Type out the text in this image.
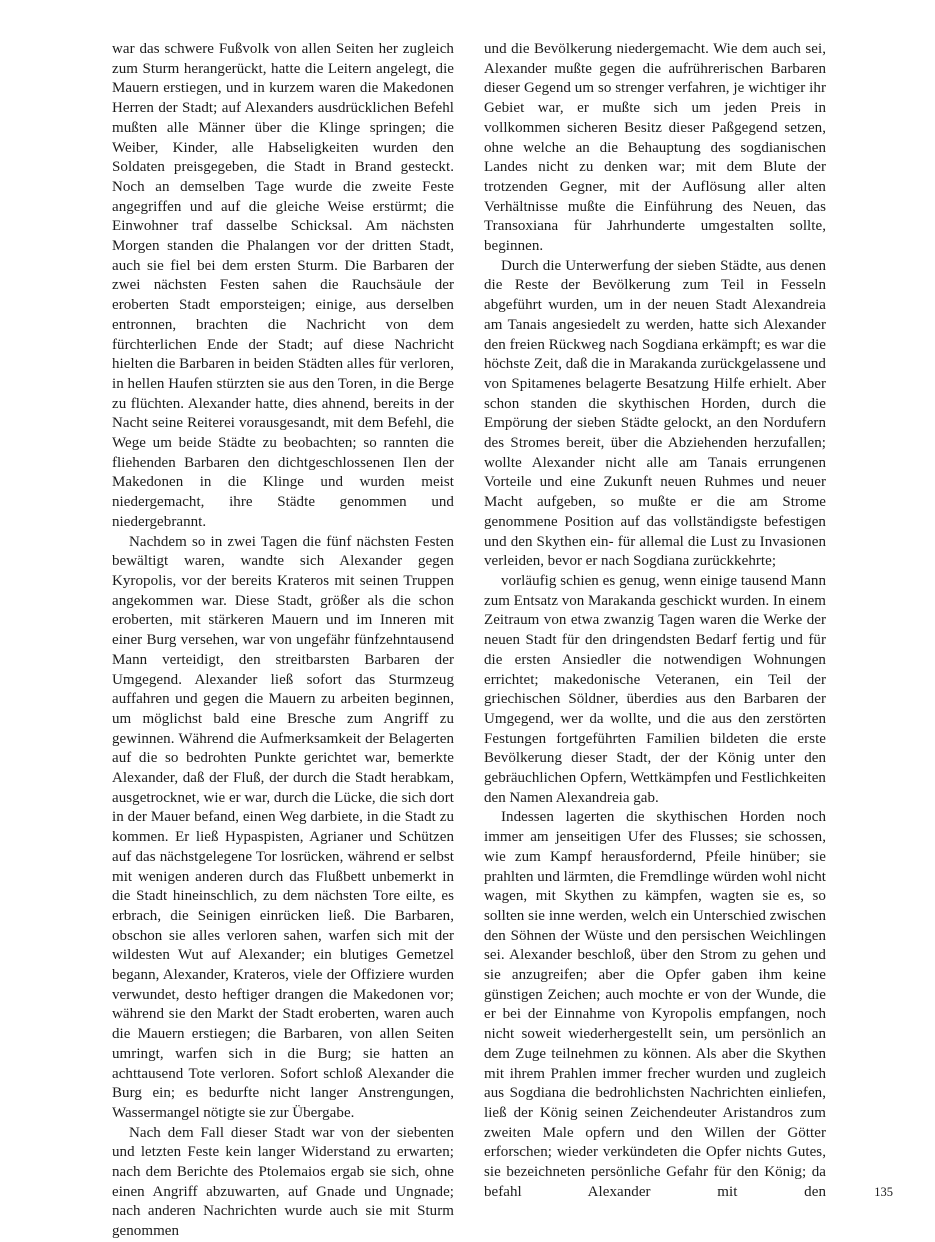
war das schwere Fußvolk von allen Seiten her zugleich zum Sturm herangerückt, hatte die Leitern angelegt, die Mauern erstiegen, und in kurzem waren die Makedonen Herren der Stadt; auf Alexanders ausdrücklichen Befehl mußten alle Männer über die Klinge springen; die Weiber, Kinder, alle Habseligkeiten wurden den Soldaten preisgegeben, die Stadt in Brand gesteckt. Noch an demselben Tage wurde die zweite Feste angegriffen und auf die gleiche Weise erstürmt; die Einwohner traf dasselbe Schicksal. Am nächsten Morgen standen die Phalangen vor der dritten Stadt, auch sie fiel bei dem ersten Sturm. Die Barbaren der zwei nächsten Festen sahen die Rauchsäule der eroberten Stadt emporsteigen; einige, aus derselben entronnen, brachten die Nachricht von dem fürchterlichen Ende der Stadt; auf diese Nachricht hielten die Barbaren in beiden Städten alles für verloren, in hellen Haufen stürzten sie aus den Toren, in die Berge zu flüchten. Alexander hatte, dies ahnend, bereits in der Nacht seine Reiterei vorausgesandt, mit dem Befehl, die Wege um beide Städte zu beobachten; so rannten die fliehenden Barbaren den dichtgeschlossenen Ilen der Makedonen in die Klinge und wurden meist niedergemacht, ihre Städte genommen und niedergebrannt.

Nachdem so in zwei Tagen die fünf nächsten Festen bewältigt waren, wandte sich Alexander gegen Kyropolis, vor der bereits Krateros mit seinen Truppen angekommen war. Diese Stadt, größer als die schon eroberten, mit stärkeren Mauern und im Inneren mit einer Burg versehen, war von ungefähr fünfzehntausend Mann verteidigt, den streitbarsten Barbaren der Umgegend. Alexander ließ sofort das Sturmzeug auffahren und gegen die Mauern zu arbeiten beginnen, um möglichst bald eine Bresche zum Angriff zu gewinnen. Während die Aufmerksamkeit der Belagerten auf die so bedrohten Punkte gerichtet war, bemerkte Alexander, daß der Fluß, der durch die Stadt herabkam, ausgetrocknet, wie er war, durch die Lücke, die sich dort in der Mauer befand, einen Weg darbiete, in die Stadt zu kommen. Er ließ Hypaspisten, Agrianer und Schützen auf das nächstgelegene Tor losrücken, während er selbst mit wenigen anderen durch das Flußbett unbemerkt in die Stadt hineinschlich, zu dem nächsten Tore eilte, es erbrach, die Seinigen einrücken ließ. Die Barbaren, obschon sie alles verloren sahen, warfen sich mit der wildesten Wut auf Alexander; ein blutiges Gemetzel begann, Alexander, Krateros, viele der Offiziere wurden verwundet, desto heftiger drangen die Makedonen vor; während sie den Markt der Stadt eroberten, waren auch die Mauern erstiegen; die Barbaren, von allen Seiten umringt, warfen sich in die Burg; sie hatten an achttausend Tote verloren. Sofort schloß Alexander die Burg ein; es bedurfte nicht langer Anstrengungen, Wassermangel nötigte sie zur Übergabe.

Nach dem Fall dieser Stadt war von der siebenten und letzten Feste kein langer Widerstand zu erwarten; nach dem Berichte des Ptolemaios ergab sie sich, ohne einen Angriff abzuwarten, auf Gnade und Ungnade; nach anderen Nachrichten wurde auch sie mit Sturm genommen

und die Bevölkerung niedergemacht. Wie dem auch sei, Alexander mußte gegen die aufrührerischen Barbaren dieser Gegend um so strenger verfahren, je wichtiger ihr Gebiet war, er mußte sich um jeden Preis in vollkommen sicheren Besitz dieser Paßgegend setzen, ohne welche an die Behauptung des sogdianischen Landes nicht zu denken war; mit dem Blute der trotzenden Gegner, mit der Auflösung aller alten Verhältnisse mußte die Einführung des Neuen, das Transoxiana für Jahrhunderte umgestalten sollte, beginnen.

Durch die Unterwerfung der sieben Städte, aus denen die Reste der Bevölkerung zum Teil in Fesseln abgeführt wurden, um in der neuen Stadt Alexandreia am Tanais angesiedelt zu werden, hatte sich Alexander den freien Rückweg nach Sogdiana erkämpft; es war die höchste Zeit, daß die in Marakanda zurückgelassene und von Spitamenes belagerte Besatzung Hilfe erhielt. Aber schon standen die skythischen Horden, durch die Empörung der sieben Städte gelockt, an den Nordufern des Stromes bereit, über die Abziehenden herzufallen; wollte Alexander nicht alle am Tanais errungenen Vorteile und eine Zukunft neuen Ruhmes und neuer Macht aufgeben, so mußte er die am Strome genommene Position auf das vollständigste befestigen und den Skythen ein- für allemal die Lust zu Invasionen verleiden, bevor er nach Sogdiana zurückkehrte;

vorläufig schien es genug, wenn einige tausend Mann zum Entsatz von Marakanda geschickt wurden. In einem Zeitraum von etwa zwanzig Tagen waren die Werke der neuen Stadt für den dringendsten Bedarf fertig und für die ersten Ansiedler die notwendigen Wohnungen errichtet; makedonische Veteranen, ein Teil der griechischen Söldner, überdies aus den Barbaren der Umgegend, wer da wollte, und die aus den zerstörten Festungen fortgeführten Familien bildeten die erste Bevölkerung dieser Stadt, der der König unter den gebräuchlichen Opfern, Wettkämpfen und Festlichkeiten den Namen Alexandreia gab.

Indessen lagerten die skythischen Horden noch immer am jenseitigen Ufer des Flusses; sie schossen, wie zum Kampf herausfordernd, Pfeile hinüber; sie prahlten und lärmten, die Fremdlinge würden wohl nicht wagen, mit Skythen zu kämpfen, wagten sie es, so sollten sie inne werden, welch ein Unterschied zwischen den Söhnen der Wüste und den persischen Weichlingen sei. Alexander beschloß, über den Strom zu gehen und sie anzugreifen; aber die Opfer gaben ihm keine günstigen Zeichen; auch mochte er von der Wunde, die er bei der Einnahme von Kyropolis empfangen, noch nicht soweit wiederhergestellt sein, um persönlich an dem Zuge teilnehmen zu können. Als aber die Skythen mit ihrem Prahlen immer frecher wurden und zugleich aus Sogdiana die bedrohlichsten Nachrichten einliefen, ließ der König seinen Zeichendeuter Aristandros zum zweiten Male opfern und den Willen der Götter erforschen; wieder verkündeten die Opfer nichts Gutes, sie bezeichneten persönliche Gefahr für den König; da befahl Alexander mit den	135
